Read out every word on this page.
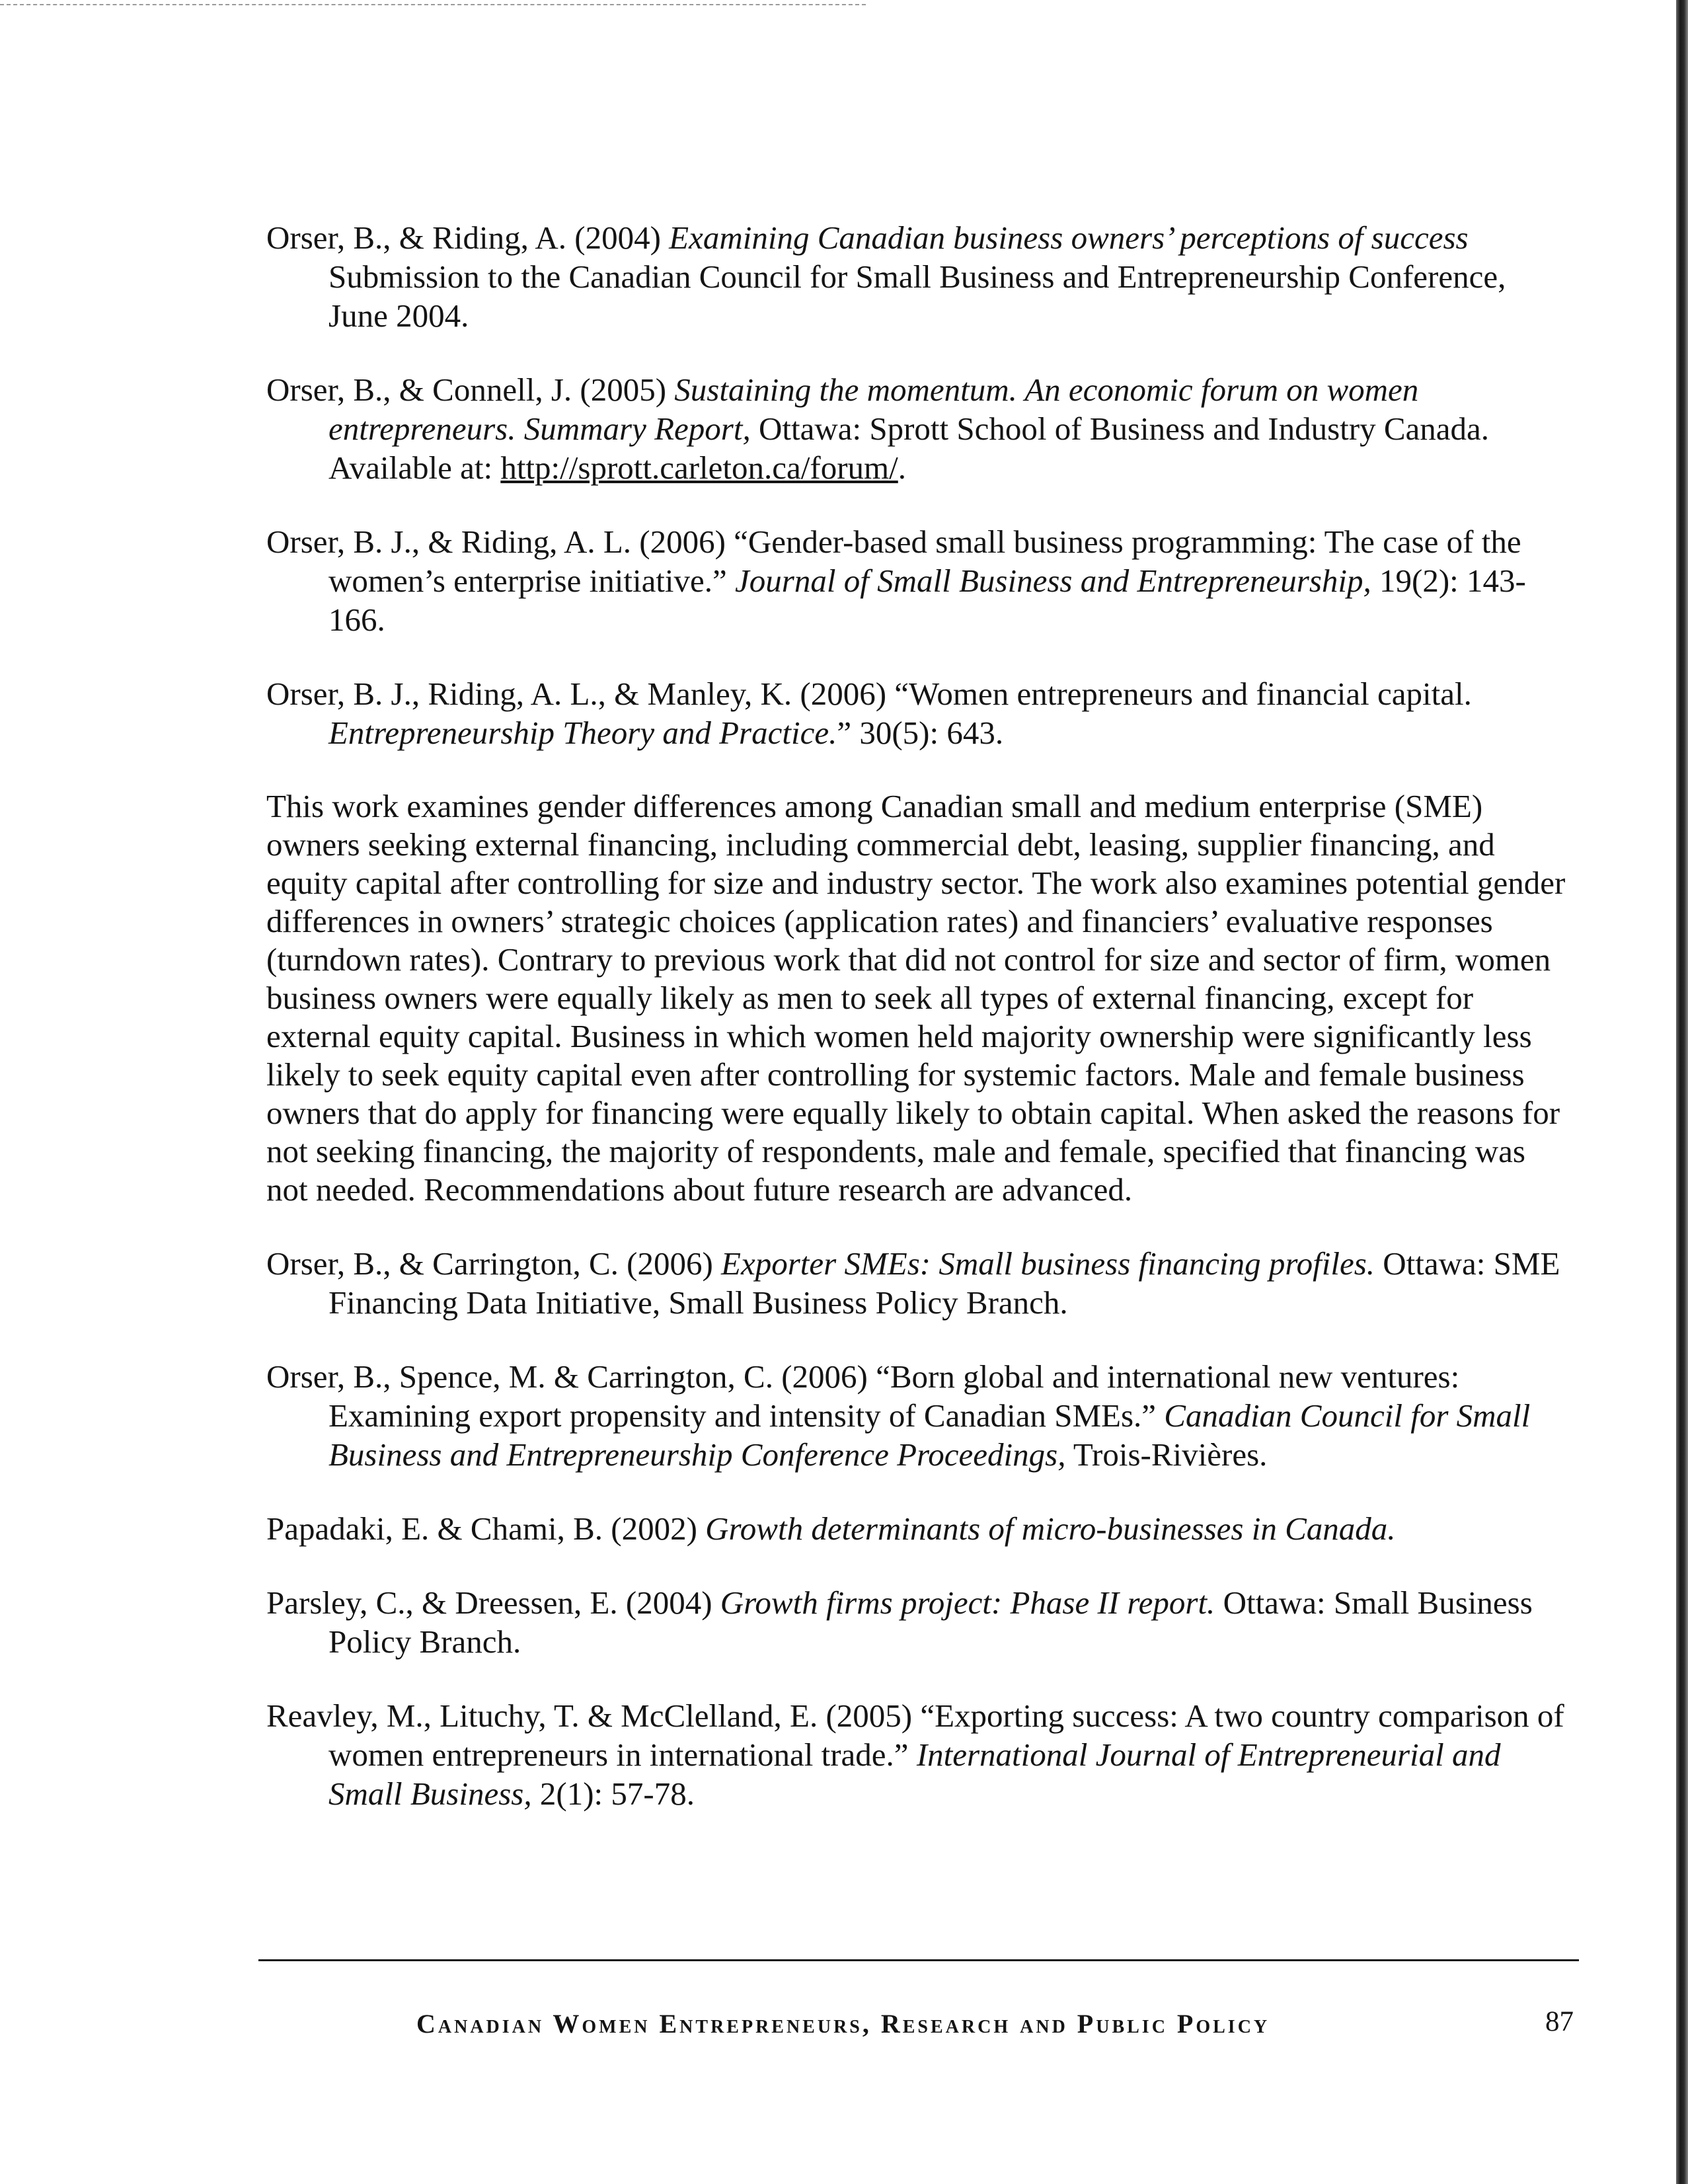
Orser, B., & Riding, A. (2004) Examining Canadian business owners’ perceptions of success Submission to the Canadian Council for Small Business and Entrepreneurship Conference, June 2004.

Orser, B., & Connell, J. (2005) Sustaining the momentum. An economic forum on women entrepreneurs. Summary Report, Ottawa: Sprott School of Business and Industry Canada. Available at: http://sprott.carleton.ca/forum/.

Orser, B. J., & Riding, A. L. (2006) “Gender-based small business programming: The case of the women’s enterprise initiative.” Journal of Small Business and Entrepreneurship, 19(2): 143-166.

Orser, B. J., Riding, A. L., & Manley, K. (2006) “Women entrepreneurs and financial capital. Entrepreneurship Theory and Practice.” 30(5): 643.

This work examines gender differences among Canadian small and medium enterprise (SME) owners seeking external financing, including commercial debt, leasing, supplier financing, and equity capital after controlling for size and industry sector. The work also examines potential gender differences in owners’ strategic choices (application rates) and financiers’ evaluative responses (turndown rates). Contrary to previous work that did not control for size and sector of firm, women business owners were equally likely as men to seek all types of external financing, except for external equity capital. Business in which women held majority ownership were significantly less likely to seek equity capital even after controlling for systemic factors. Male and female business owners that do apply for financing were equally likely to obtain capital. When asked the reasons for not seeking financing, the majority of respondents, male and female, specified that financing was not needed. Recommendations about future research are advanced.

Orser, B., & Carrington, C. (2006) Exporter SMEs: Small business financing profiles. Ottawa: SME Financing Data Initiative, Small Business Policy Branch.

Orser, B., Spence, M. & Carrington, C. (2006) “Born global and international new ventures: Examining export propensity and intensity of Canadian SMEs.” Canadian Council for Small Business and Entrepreneurship Conference Proceedings, Trois-Rivières.

Papadaki, E. & Chami, B. (2002) Growth determinants of micro-businesses in Canada.

Parsley, C., & Dreessen, E. (2004) Growth firms project: Phase II report. Ottawa: Small Business Policy Branch.

Reavley, M., Lituchy, T. & McClelland, E. (2005) “Exporting success: A two country comparison of women entrepreneurs in international trade.” International Journal of Entrepreneurial and Small Business, 2(1): 57-78.

Canadian Women Entrepreneurs, Research and Public Policy	87
